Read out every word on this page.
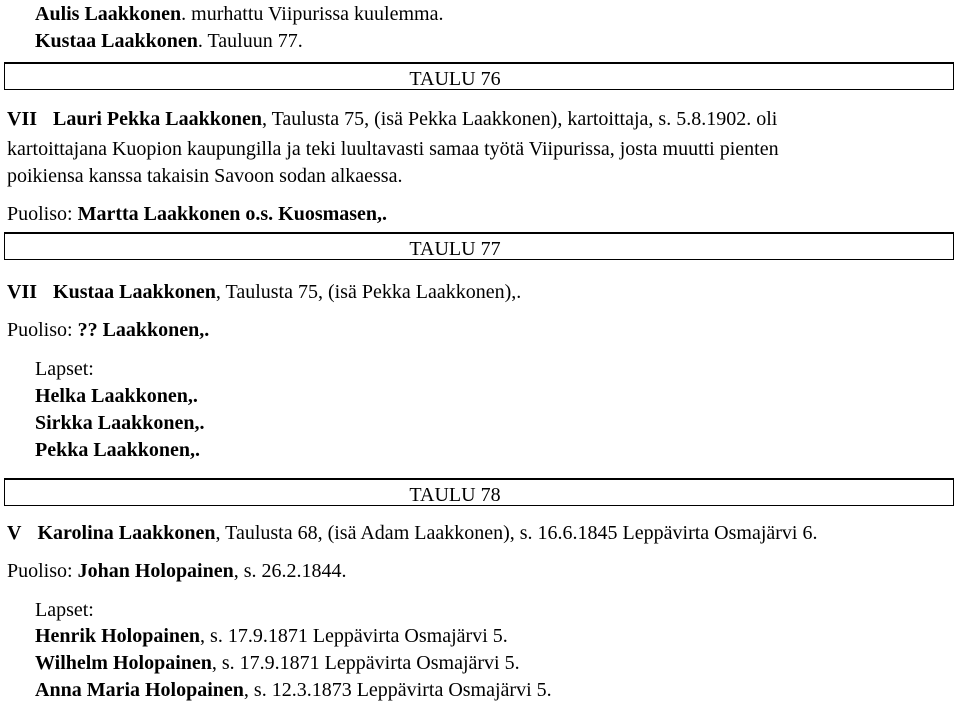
Aulis Laakkonen. murhattu Viipurissa kuulemma.
Kustaa Laakkonen. Tauluun 77.
TAULU 76
VII Lauri Pekka Laakkonen, Taulusta 75, (isä Pekka Laakkonen), kartoittaja, s. 5.8.1902. oli
kartoittajana Kuopion kaupungilla ja teki luultavasti samaa työtä Viipurissa, josta muutti pienten
poikiensa kanssa takaisin Savoon sodan alkaessa.
Puoliso: Martta Laakkonen o.s. Kuosmasen,.
TAULU 77
VII Kustaa Laakkonen, Taulusta 75, (isä Pekka Laakkonen),.
Puoliso: ?? Laakkonen,.
Lapset:
Helka Laakkonen,.
Sirkka Laakkonen,.
Pekka Laakkonen,.
TAULU 78
V Karolina Laakkonen, Taulusta 68, (isä Adam Laakkonen), s. 16.6.1845 Leppävirta Osmajärvi 6.
Puoliso: Johan Holopainen, s. 26.2.1844.
Lapset:
Henrik Holopainen, s. 17.9.1871 Leppävirta Osmajärvi 5.
Wilhelm Holopainen, s. 17.9.1871 Leppävirta Osmajärvi 5.
Anna Maria Holopainen, s. 12.3.1873 Leppävirta Osmajärvi 5.
